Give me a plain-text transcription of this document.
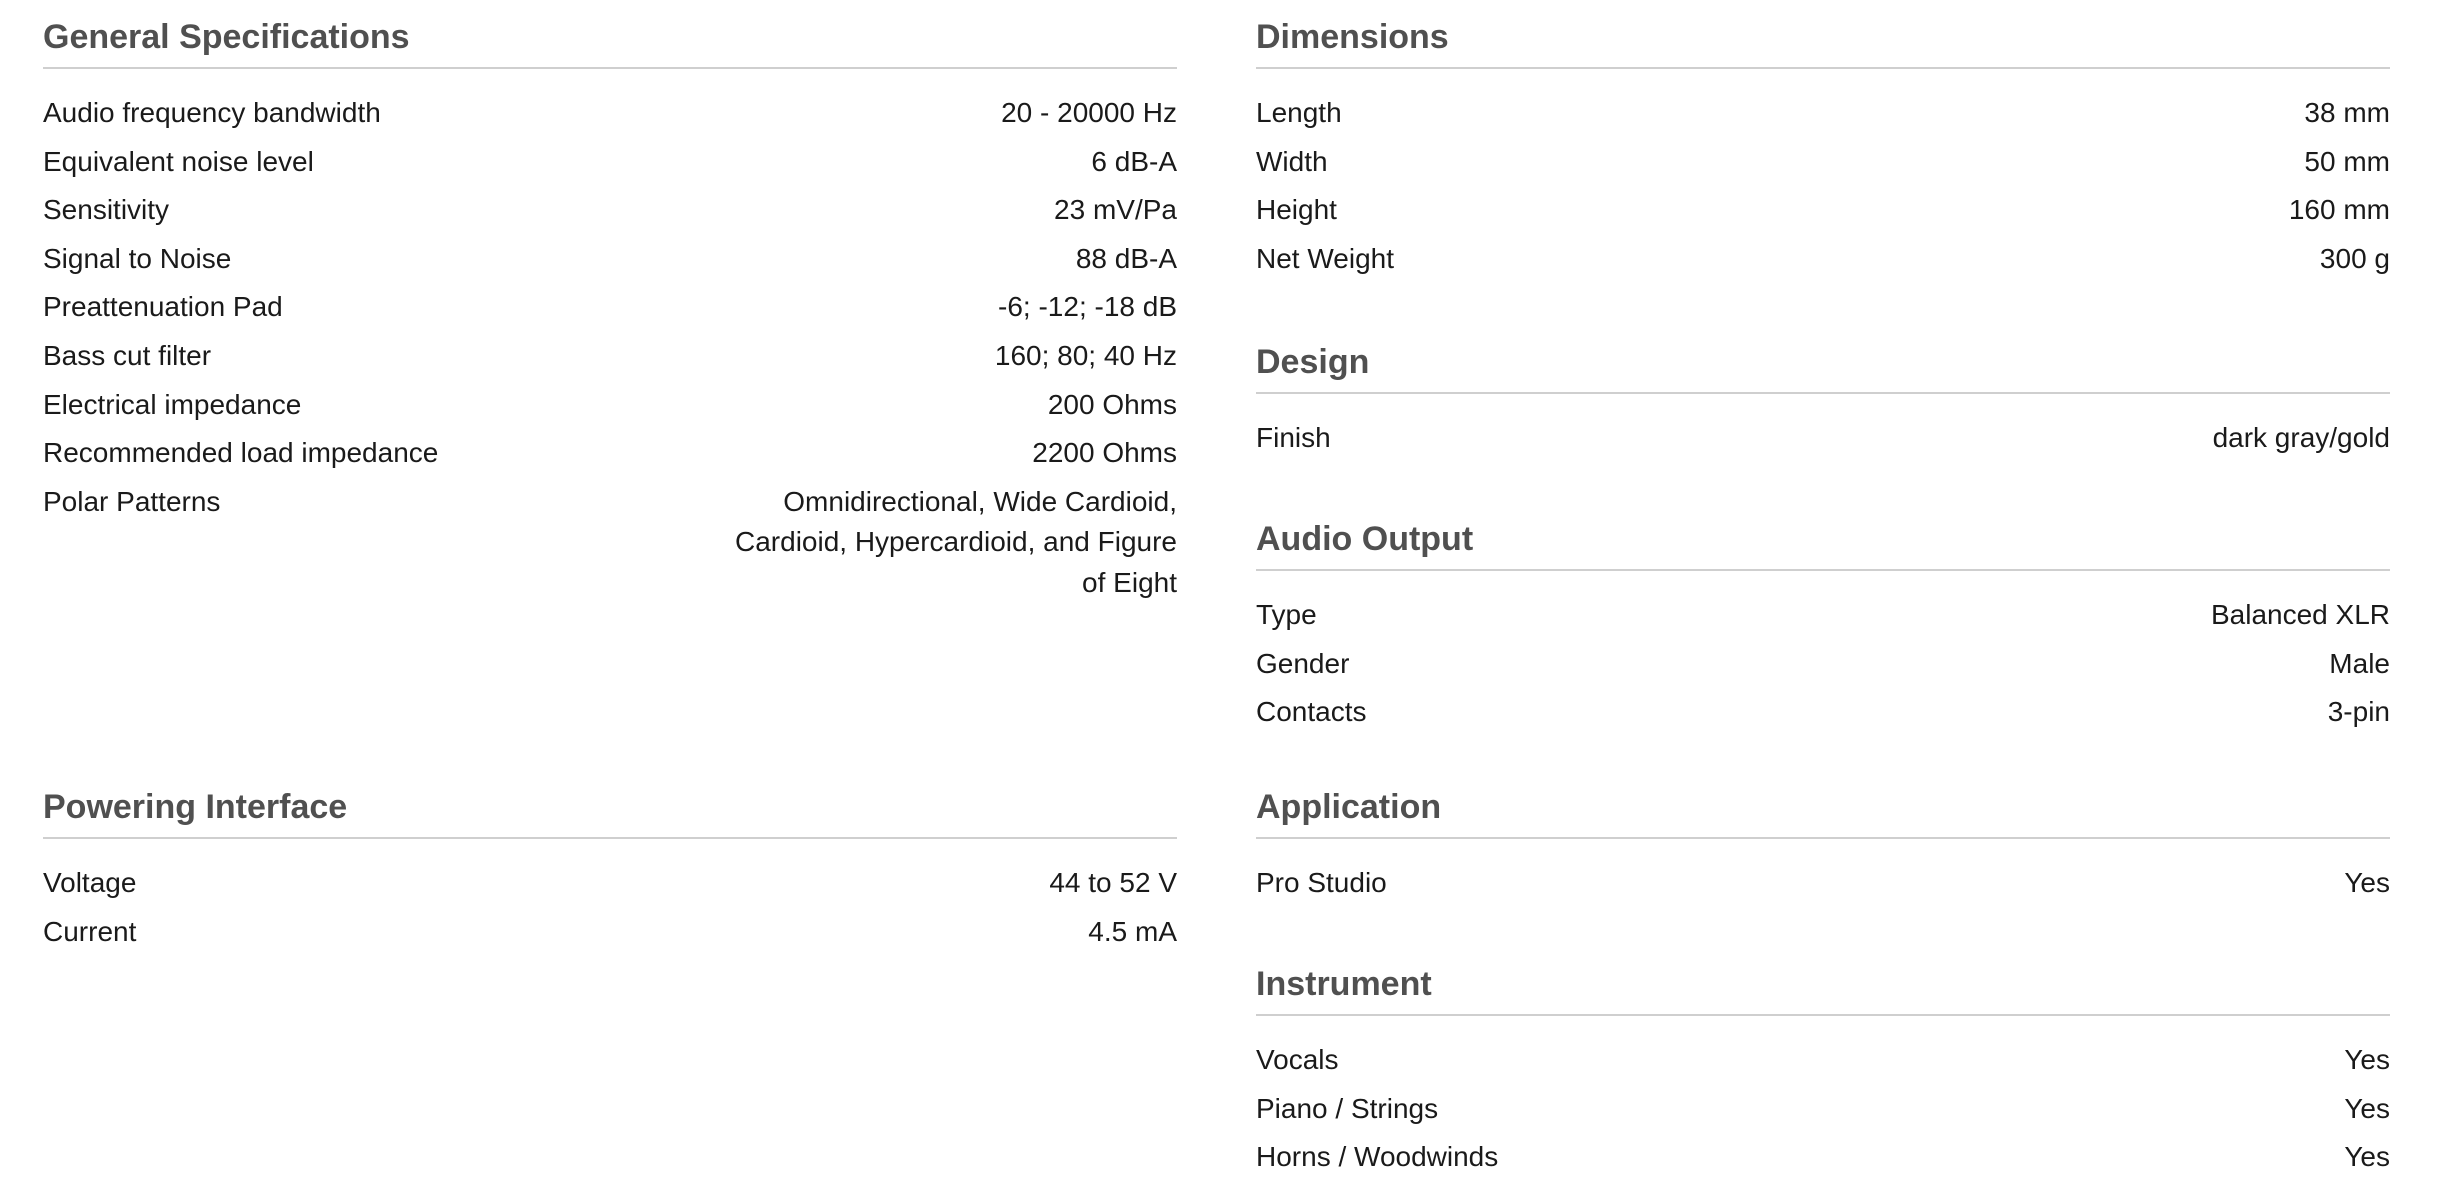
General Specifications
Audio frequency bandwidth	20 - 20000 Hz
Equivalent noise level	6 dB-A
Sensitivity	23 mV/Pa
Signal to Noise	88 dB-A
Preattenuation Pad	-6; -12; -18 dB
Bass cut filter	160; 80; 40 Hz
Electrical impedance	200 Ohms
Recommended load impedance	2200 Ohms
Polar Patterns	Omnidirectional, Wide Cardioid, Cardioid, Hypercardioid, and Figure of Eight
Powering Interface
Voltage	44 to 52 V
Current	4.5 mA
Dimensions
Length	38 mm
Width	50 mm
Height	160 mm
Net Weight	300 g
Design
Finish	dark gray/gold
Audio Output
Type	Balanced XLR
Gender	Male
Contacts	3-pin
Application
Pro Studio	Yes
Instrument
Vocals	Yes
Piano / Strings	Yes
Horns / Woodwinds	Yes
